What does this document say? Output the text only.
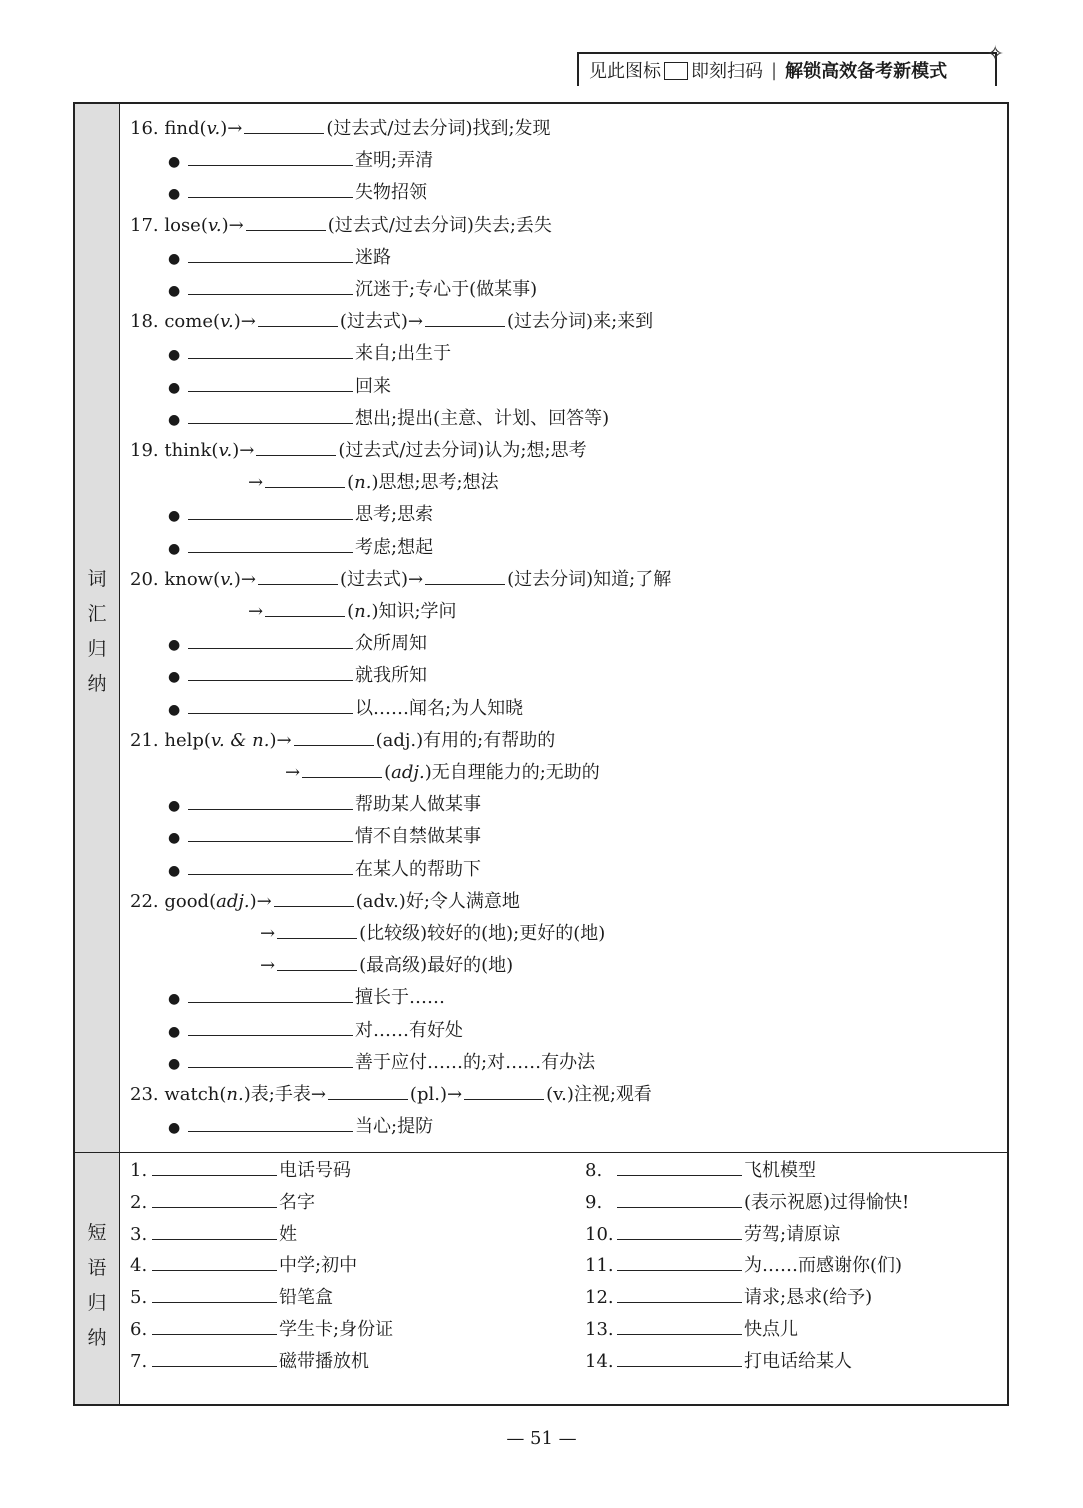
见此图标 即刻扫码 | 解锁高效备考新模式
✧
词
汇
归
纳
短
语
归
纳
16. find(v.)→	(过去式/过去分词)找到;发现
●	查明;弄清
●	失物招领
17. lose(v.)→	(过去式/过去分词)失去;丢失
●	迷路
●	沉迷于;专心于(做某事)
18. come(v.)→	(过去式)→	(过去分词)来;来到
●	来自;出生于
●	回来
●	想出;提出(主意、计划、回答等)
19. think(v.)→	(过去式/过去分词)认为;想;思考
→	(n.)思想;思考;想法
●	思考;思索
●	考虑;想起
20. know(v.)→	(过去式)→	(过去分词)知道;了解
→	(n.)知识;学问
●	众所周知
●	就我所知
●	以……闻名;为人知晓
21. help(v. & n.)→	(adj.)有用的;有帮助的
→	(adj.)无自理能力的;无助的
●	帮助某人做某事
●	情不自禁做某事
●	在某人的帮助下
22. good(adj.)→	(adv.)好;令人满意地
→	(比较级)较好的(地);更好的(地)
→	(最高级)最好的(地)
●	擅长于……
●	对……有好处
●	善于应付……的;对……有办法
23. watch(n.)表;手表→	(pl.)→	(v.)注视;观看
●	当心;提防
1.	电话号码
2.	名字
3.	姓
4.	中学;初中
5.	铅笔盒
6.	学生卡;身份证
7.	磁带播放机
8.	飞机模型
9.	(表示祝愿)过得愉快!
10.	劳驾;请原谅
11.	为……而感谢你(们)
12.	请求;恳求(给予)
13.	快点儿
14.	打电话给某人
— 51 —
